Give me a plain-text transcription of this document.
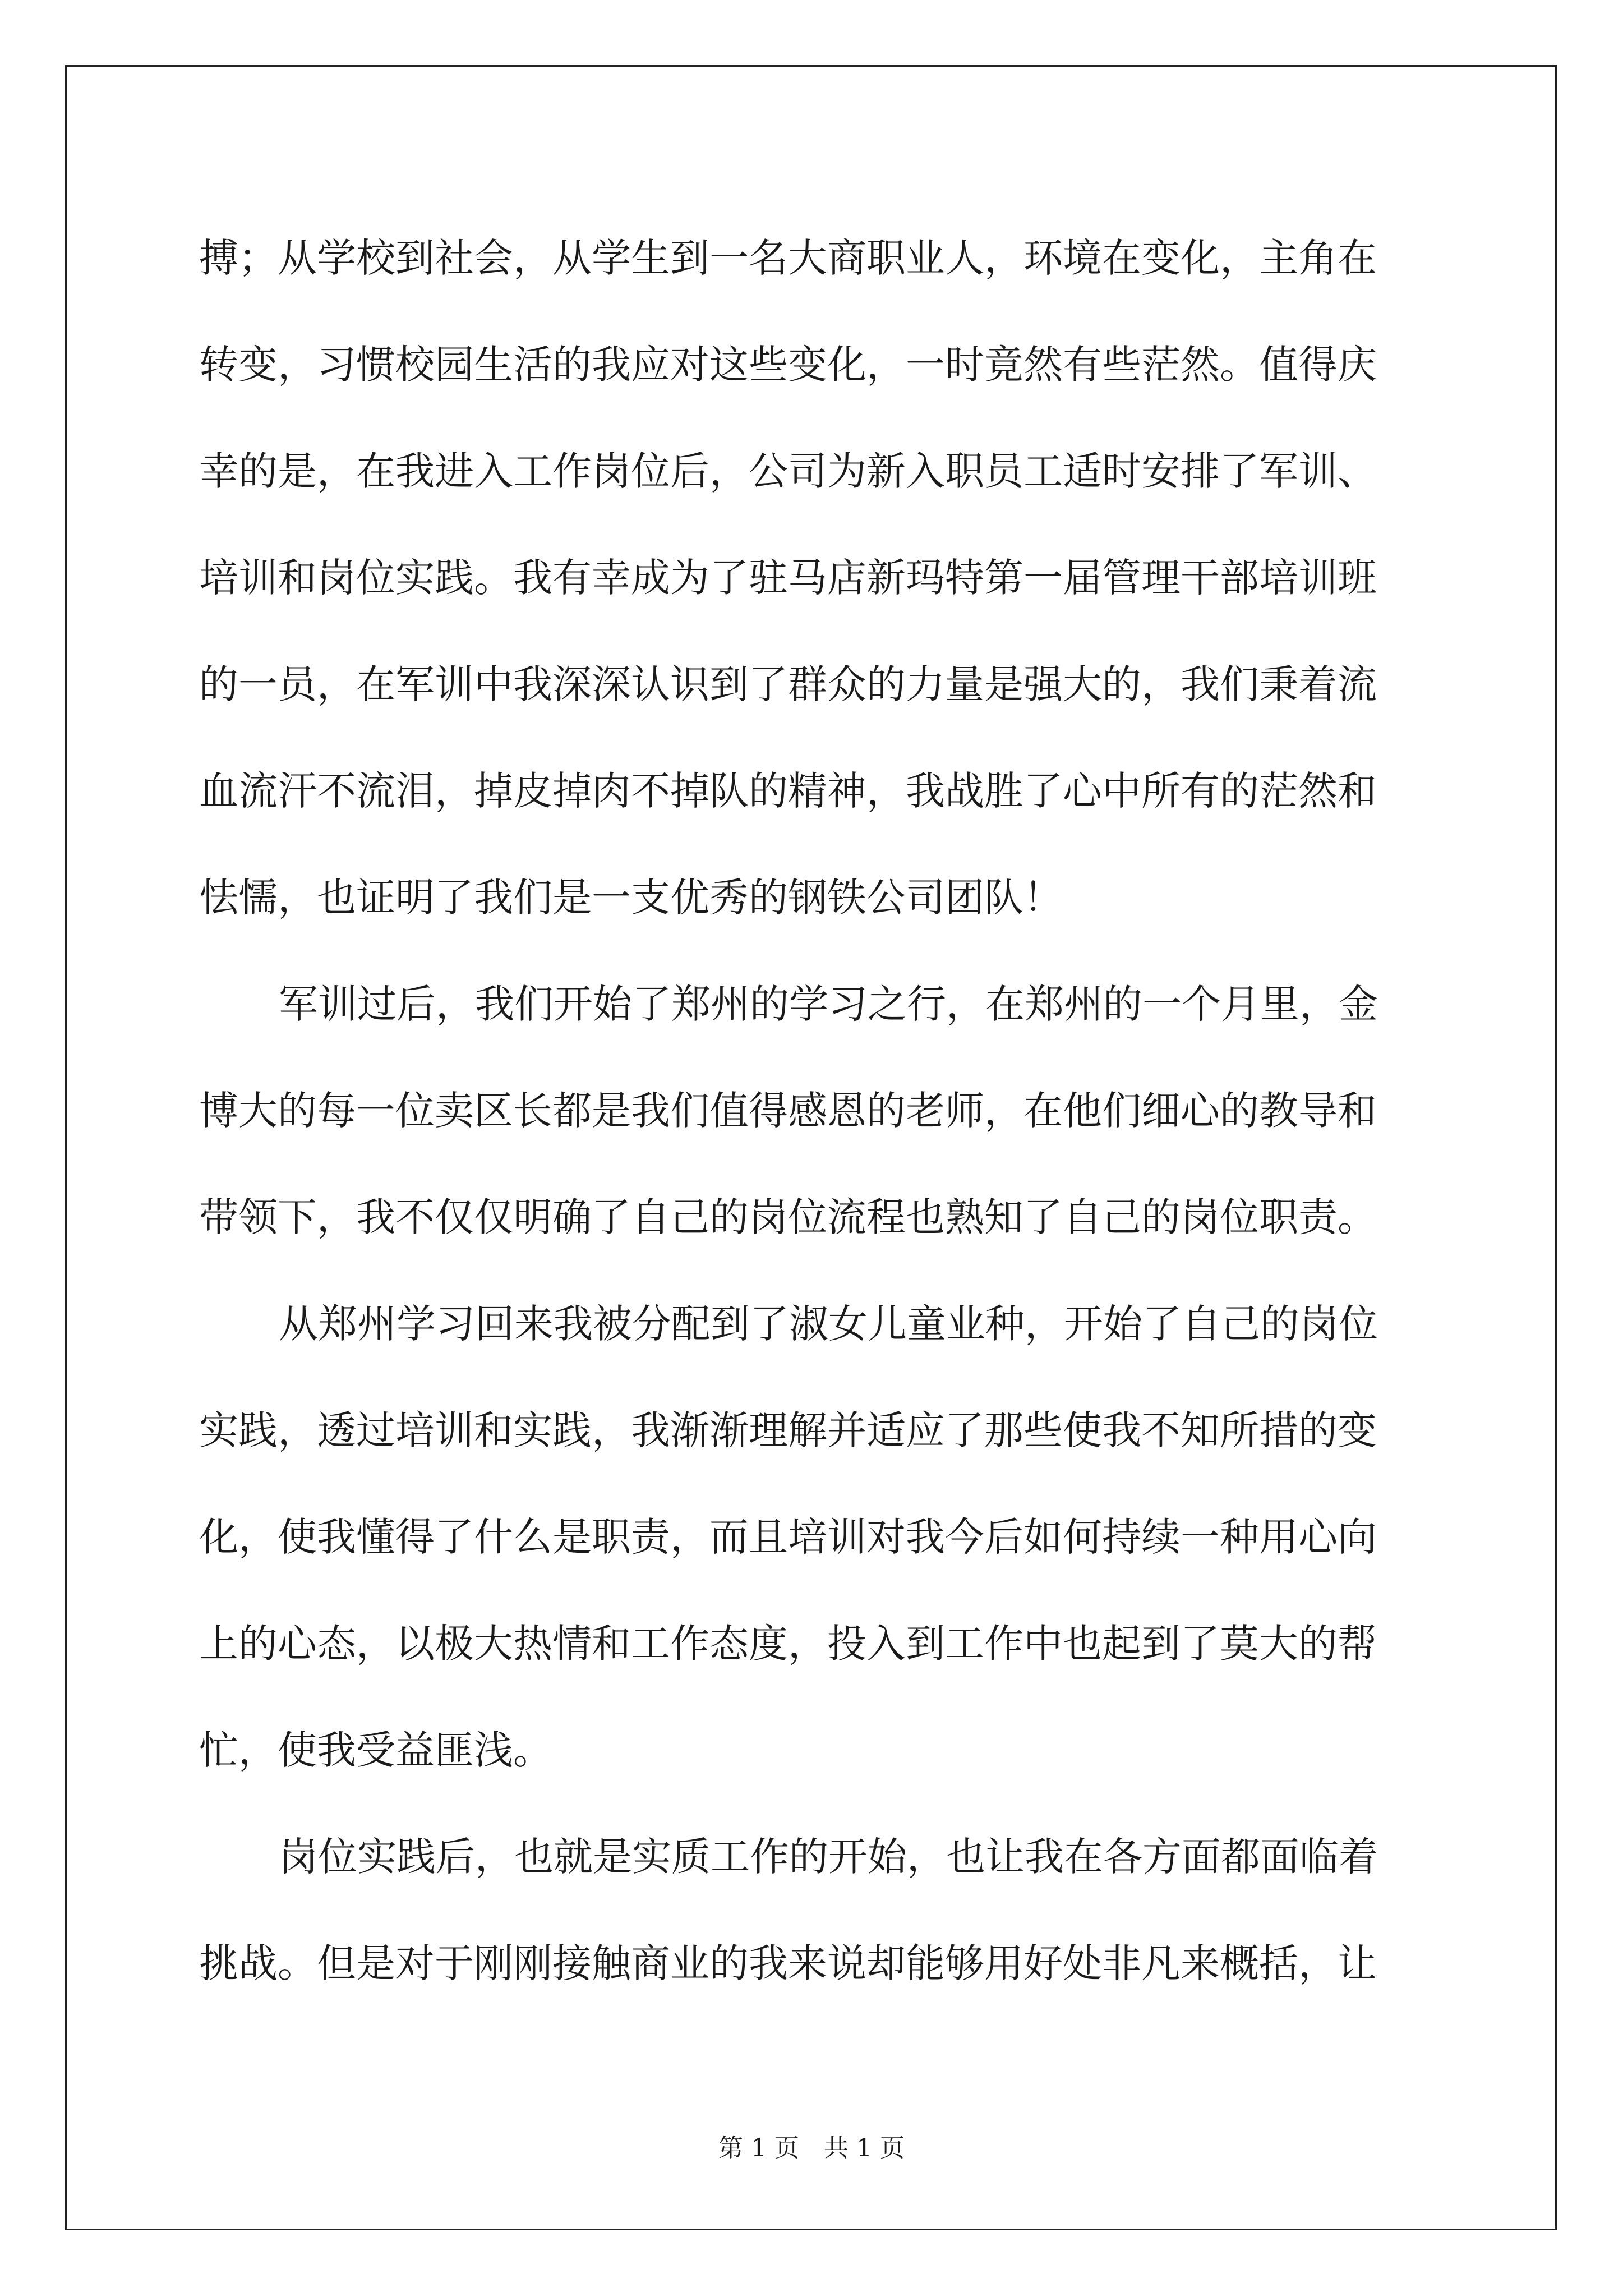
搏；从学校到社会，从学生到一名大商职业人，环境在变化，主角在
转变，习惯校园生活的我应对这些变化，一时竟然有些茫然。值得庆
幸的是，在我进入工作岗位后，公司为新入职员工适时安排了军训、
培训和岗位实践。我有幸成为了驻马店新玛特第一届管理干部培训班
的一员，在军训中我深深认识到了群众的力量是强大的，我们秉着流
血流汗不流泪，掉皮掉肉不掉队的精神，我战胜了心中所有的茫然和
怯懦，也证明了我们是一支优秀的钢铁公司团队！
军训过后，我们开始了郑州的学习之行，在郑州的一个月里，金
博大的每一位卖区长都是我们值得感恩的老师，在他们细心的教导和
带领下，我不仅仅明确了自己的岗位流程也熟知了自己的岗位职责。
从郑州学习回来我被分配到了淑女儿童业种，开始了自己的岗位
实践，透过培训和实践，我渐渐理解并适应了那些使我不知所措的变
化，使我懂得了什么是职责，而且培训对我今后如何持续一种用心向
上的心态，以极大热情和工作态度，投入到工作中也起到了莫大的帮
忙，使我受益匪浅。
岗位实践后，也就是实质工作的开始，也让我在各方面都面临着
挑战。但是对于刚刚接触商业的我来说却能够用好处非凡来概括，让
第 1 页　共 1 页
